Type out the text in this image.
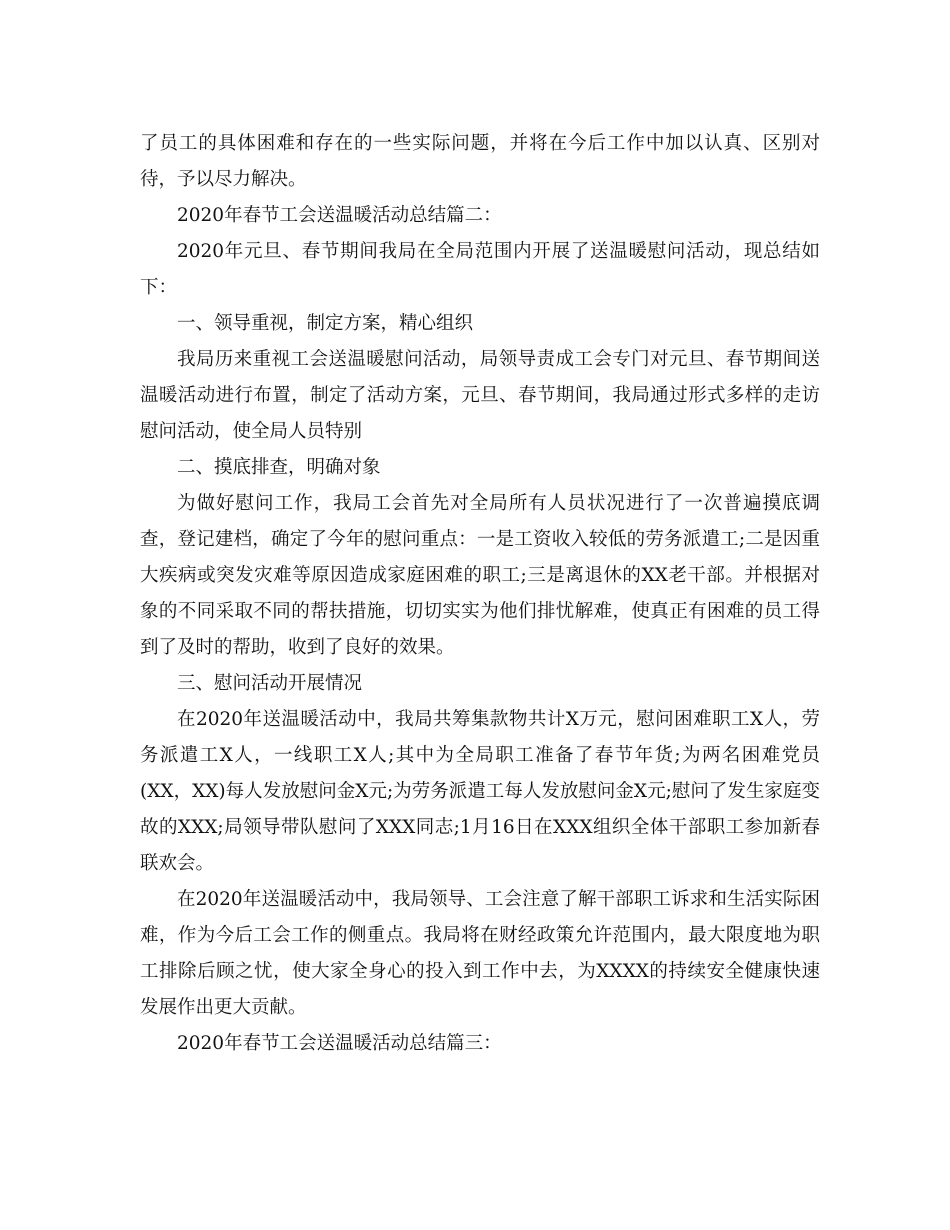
了员工的具体困难和存在的一些实际问题，并将在今后工作中加以认真、区别对待，予以尽力解决。

2020年春节工会送温暖活动总结篇二：

2020年元旦、春节期间我局在全局范围内开展了送温暖慰问活动，现总结如下：

一、领导重视，制定方案，精心组织

我局历来重视工会送温暖慰问活动，局领导责成工会专门对元旦、春节期间送温暖活动进行布置，制定了活动方案，元旦、春节期间，我局通过形式多样的走访慰问活动，使全局人员特别

二、摸底排查，明确对象

为做好慰问工作，我局工会首先对全局所有人员状况进行了一次普遍摸底调查，登记建档，确定了今年的慰问重点：一是工资收入较低的劳务派遣工;二是因重大疾病或突发灾难等原因造成家庭困难的职工;三是离退休的XX老干部。并根据对象的不同采取不同的帮扶措施，切切实实为他们排忧解难，使真正有困难的员工得到了及时的帮助，收到了良好的效果。

三、慰问活动开展情况

在2020年送温暖活动中，我局共筹集款物共计X万元，慰问困难职工X人，劳务派遣工X人，一线职工X人;其中为全局职工准备了春节年货;为两名困难党员(XX，XX)每人发放慰问金X元;为劳务派遣工每人发放慰问金X元;慰问了发生家庭变故的XXX;局领导带队慰问了XXX同志;1月16日在XXX组织全体干部职工参加新春联欢会。

在2020年送温暖活动中，我局领导、工会注意了解干部职工诉求和生活实际困难，作为今后工会工作的侧重点。我局将在财经政策允许范围内，最大限度地为职工排除后顾之忧，使大家全身心的投入到工作中去，为XXXX的持续安全健康快速发展作出更大贡献。

2020年春节工会送温暖活动总结篇三：
